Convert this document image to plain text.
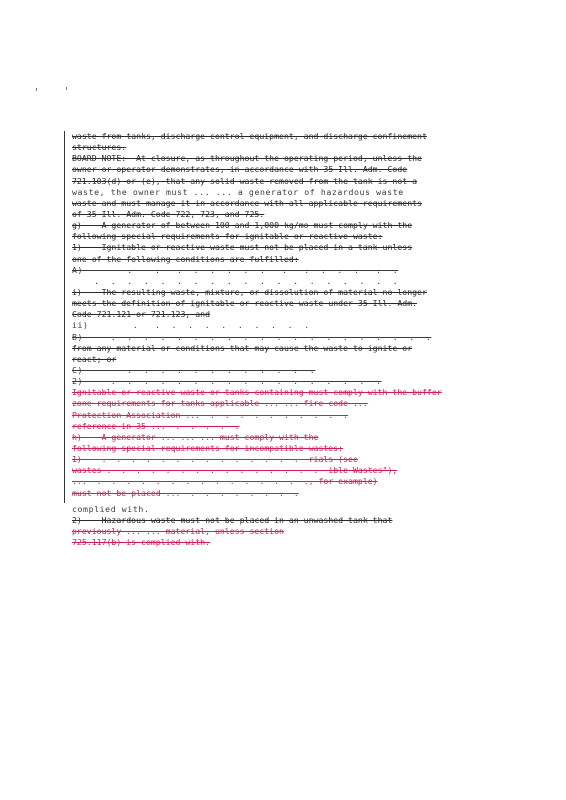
waste from tanks, discharge control equipment, and discharge confinement
structures.
BOARD NOTE:  At closure, as throughout the operating period, unless the
owner or operator demonstrates, in accordance with 35 Ill. Adm. Code
721.103(d) or (e), that any solid waste removed from the tank is not a
waste, the owner must ... ... a generator of hazardous waste
waste and must manage it in accordance with all applicable requirements
of 35 Ill. Adm. Code 722, 723, and 725.
g)    A generator of between 100 and 1,000 kg/mo must comply with the
following special requirements for ignitable or reactive waste:
1)    Ignitable or reactive waste must not be placed in a tank unless
one of the following conditions are fulfilled:
A)        .    .   .  .  .  .  .  .   .   .  .  .  .   .  .
.  .  .  .  .  .  .  .  .  .  .  .  .  .  .  .  .  .  .
i)    The resulting waste, mixture, or dissolution of material no longer
meets the definition of ignitable or reactive waste under 35 Ill. Adm.
Code 721.121 or 721.123, and
ii)        .   .  .  .  .  .  .  .  .  .  .
B)     .  .  .  .  .  .  .  .  .  .  .  .  .  .  .  .  .  .  .  .
from any material or conditions that may cause the waste to ignite or
react; or
C)        .  .  .  .  .  .  .  .  .  .  .  .
2)     .  .  .  .  .  .  .  .  .  .  .  .  .  .  .  .  .
Ignitable or reactive waste or tanks containing must comply with the buffer
zone requirements for tanks applicable ... ... fire code ...
Protection Association ...  .  .  .  .  .  .  .  .  .  .
reference in 35 ...  .  .  .  .  .
h)    A generator ... ... ... must comply with the
following special requirements for incompatible wastes:
1)    .  .  .  .  .  .  .  .  .  .  .  .  .  .  rials (see
wastes .  .  .  .  .  .  .  .  .  .  .  .  .  .  .  ible Wastes"),
...  .  .  .  .  .  .  .  .  .  .  .  .  .  .  ., for example)
must not be placed ...  .  .  .  .  .  .  .  .
complied with.
2)    Hazardous waste must not be placed in an unwashed tank that
previously ... ... material, unless section
725.117(b) is complied with.
